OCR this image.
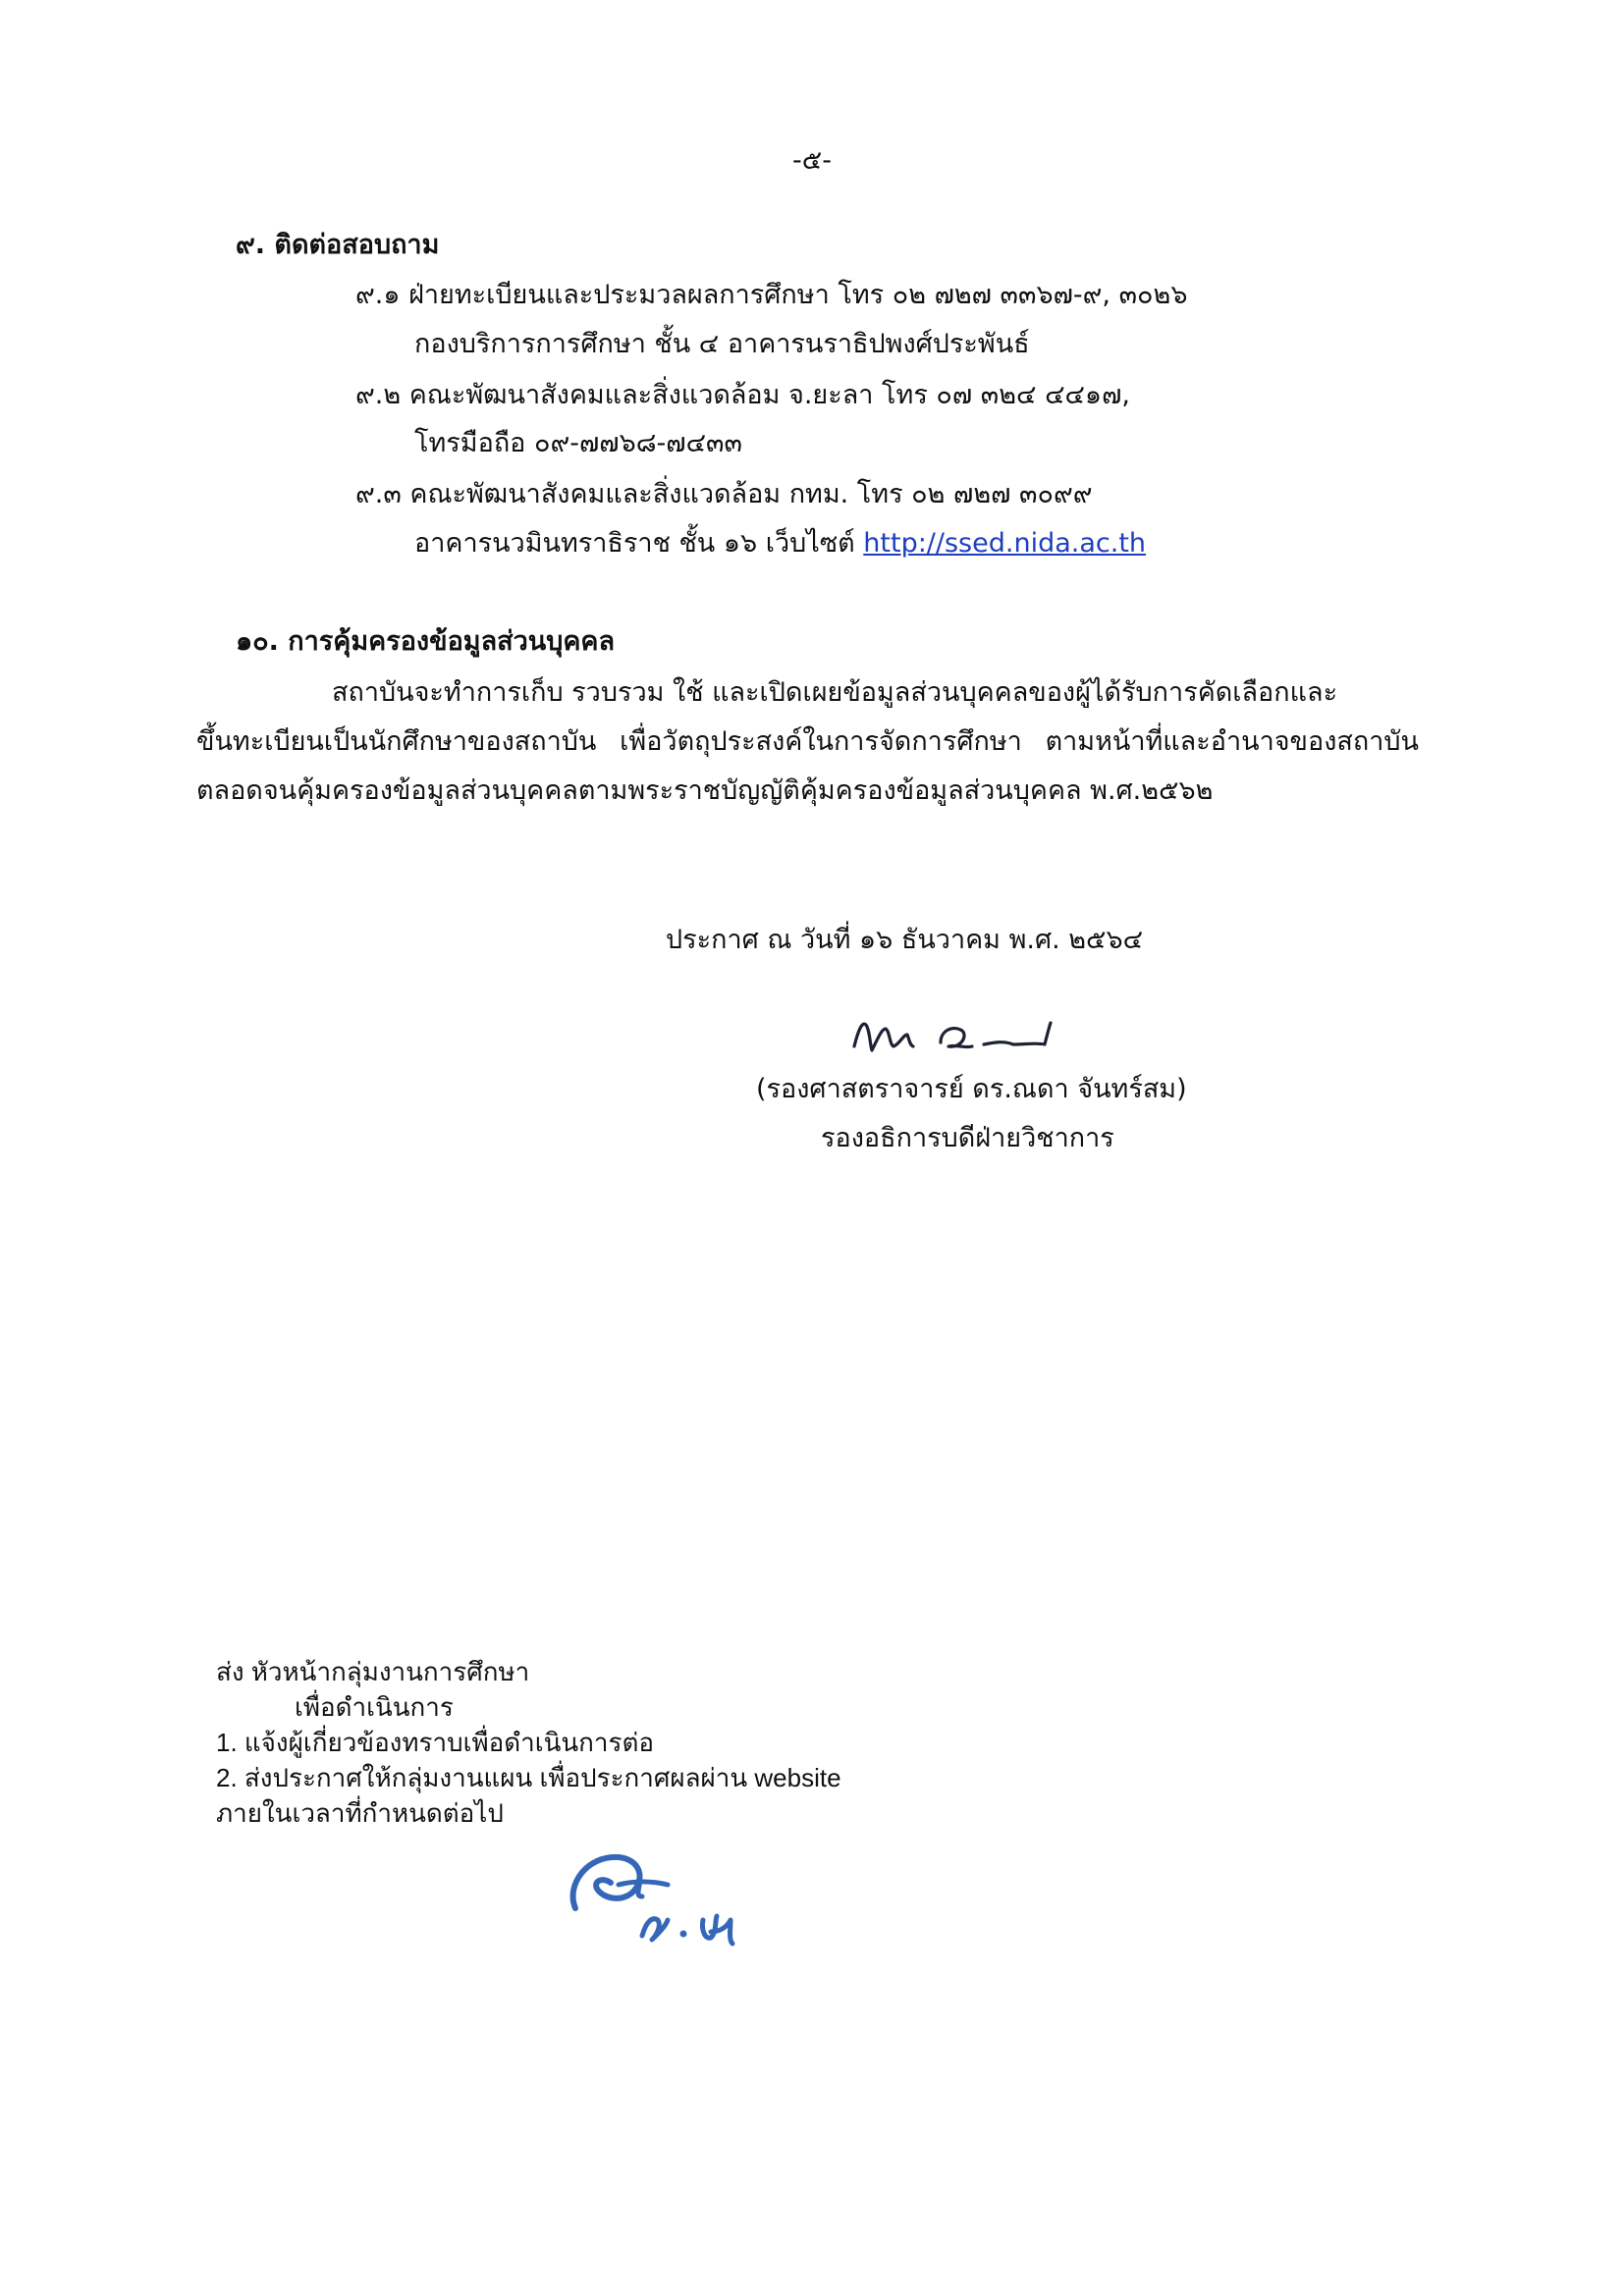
-๕-
๙. ติดต่อสอบถาม
๙.๑ ฝ่ายทะเบียนและประมวลผลการศึกษา โทร ๐๒ ๗๒๗ ๓๓๖๗-๙, ๓๐๒๖
กองบริการการศึกษา ชั้น ๔ อาคารนราธิปพงศ์ประพันธ์
๙.๒ คณะพัฒนาสังคมและสิ่งแวดล้อม จ.ยะลา โทร ๐๗ ๓๒๔ ๔๔๑๗,
โทรมือถือ ๐๙-๗๗๖๘-๗๔๓๓
๙.๓ คณะพัฒนาสังคมและสิ่งแวดล้อม กทม. โทร ๐๒ ๗๒๗ ๓๐๙๙
อาคารนวมินทราธิราช ชั้น ๑๖ เว็บไซต์ http://ssed.nida.ac.th
๑๐. การคุ้มครองข้อมูลส่วนบุคคล
สถาบันจะทำการเก็บ รวบรวม ใช้ และเปิดเผยข้อมูลส่วนบุคคลของผู้ได้รับการคัดเลือกและ
ขึ้นทะเบียนเป็นนักศึกษาของสถาบัน เพื่อวัตถุประสงค์ในการจัดการศึกษา ตามหน้าที่และอำนาจของสถาบัน
ตลอดจนคุ้มครองข้อมูลส่วนบุคคลตามพระราชบัญญัติคุ้มครองข้อมูลส่วนบุคคล พ.ศ.๒๕๖๒
ประกาศ ณ วันที่ ๑๖ ธันวาคม พ.ศ. ๒๕๖๔
(รองศาสตราจารย์ ดร.ณดา จันทร์สม)
รองอธิการบดีฝ่ายวิชาการ
ส่ง หัวหน้ากลุ่มงานการศึกษา
เพื่อดำเนินการ
1. แจ้งผู้เกี่ยวข้องทราบเพื่อดำเนินการต่อ
2. ส่งประกาศให้กลุ่มงานแผน เพื่อประกาศผลผ่าน website
ภายในเวลาที่กำหนดต่อไป
